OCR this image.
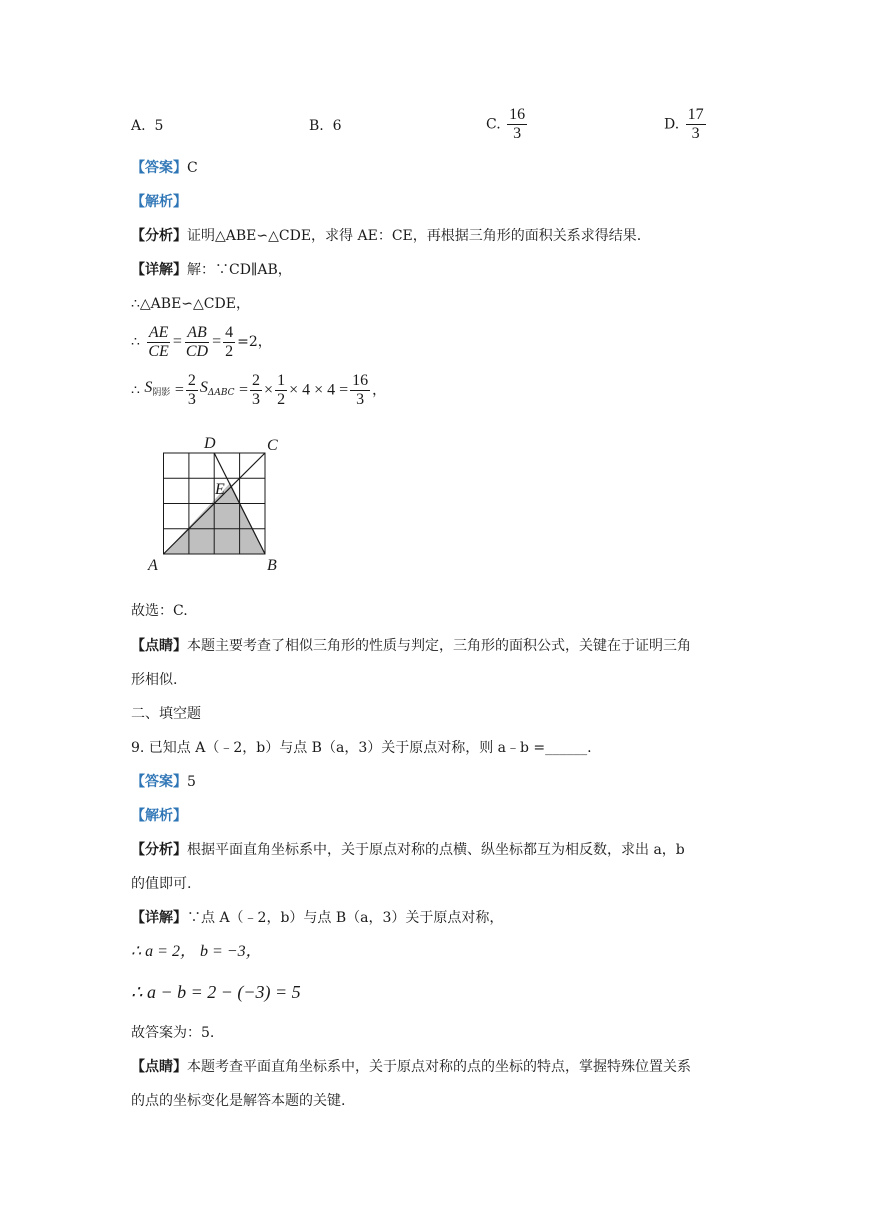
A. 5	B. 6	C. $\frac{16}{3}$	D. $\frac{17}{3}$
【答案】C
【解析】
【分析】证明△ABE∽△CDE，求得 AE：CE，再根据三角形的面积关系求得结果.
【详解】解：∵CD∥AB，
∴△ABE∽△CDE，
∴ $\frac{AE}{CE} = \frac{AB}{CD} = \frac{4}{2} =2$，
∴ $S_{阴影} = \frac{2}{3} S_{\Delta ABC} = \frac{2}{3} \times \frac{1}{2} \times 4 \times 4 = \frac{16}{3}$ ，
A	B
C
D
E
故选：C.
【点睛】本题主要考查了相似三角形的性质与判定，三角形的面积公式，关键在于证明三角
形相似.
二、填空题
9. 已知点 A（﹣2，b）与点 B（a，3）关于原点对称，则 a﹣b =______.
【答案】5
【解析】
【分析】根据平面直角坐标系中，关于原点对称的点横、纵坐标都互为相反数，求出 a，b
的值即可.
【详解】∵点 A（﹣2，b）与点 B（a，3）关于原点对称，
∴ a = 2， b = −3，
∴ a − b = 2 − (−3) = 5
故答案为：5.
【点睛】本题考查平面直角坐标系中，关于原点对称的点的坐标的特点，掌握特殊位置关系
的点的坐标变化是解答本题的关键.
